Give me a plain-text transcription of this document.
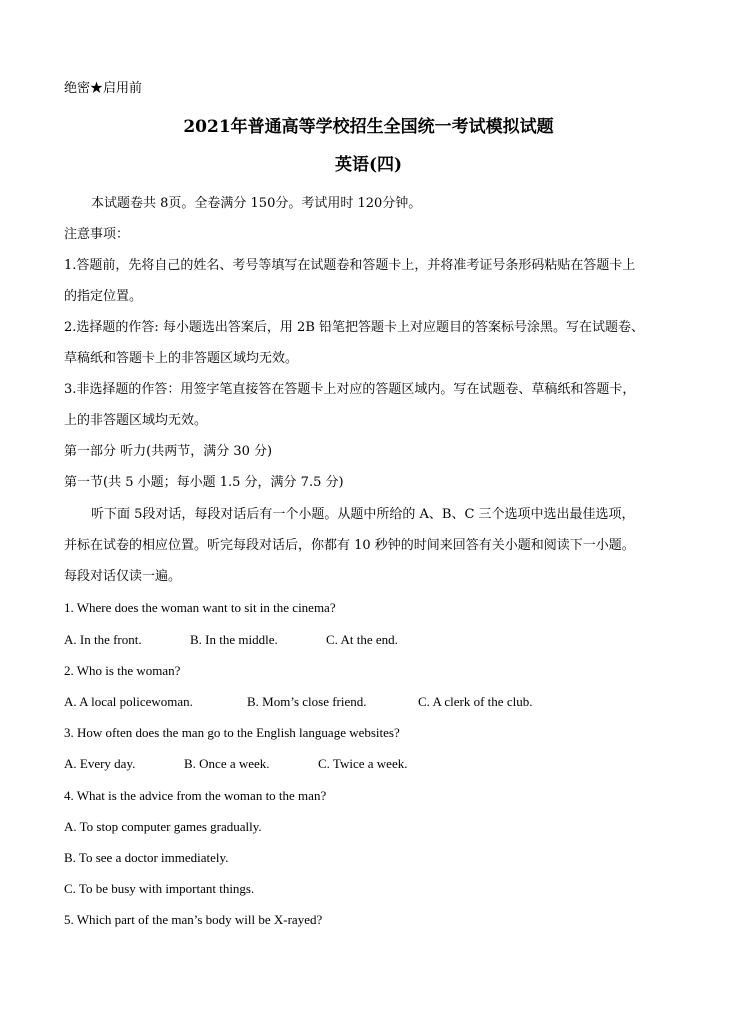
绝密★启用前
2021年普通高等学校招生全国统一考试模拟试题
英语(四)
本试题卷共 8页。全卷满分 150分。考试用时 120分钟。
注意事项：
1.答题前，先将自己的姓名、考号等填写在试题卷和答题卡上，并将准考证号条形码粘贴在答题卡上
的指定位置。
2.选择题的作答: 每小题选出答案后，用 2B 铅笔把答题卡上对应题目的答案标号涂黑。写在试题卷、
草稿纸和答题卡上的非答题区域均无效。
3.非选择题的作答：用签字笔直接答在答题卡上对应的答题区域内。写在试题卷、草稿纸和答题卡，
上的非答题区域均无效。
第一部分 听力(共两节，满分 30 分)
第一节(共 5 小题；每小题 1.5 分，满分 7.5 分)
听下面 5段对话，每段对话后有一个小题。从题中所给的 A、B、C 三个选项中选出最佳选项，
并标在试卷的相应位置。听完每段对话后，你都有 10 秒钟的时间来回答有关小题和阅读下一小题。
每段对话仅读一遍。
1. Where does the woman want to sit in the cinema?
A. In the front.	B. In the middle.	C. At the end.
2. Who is the woman?
A. A local policewoman.	B. Mom’s close friend.	C. A clerk of the club.
3. How often does the man go to the English language websites?
A. Every day.	B. Once a week.	C. Twice a week.
4. What is the advice from the woman to the man?
A. To stop computer games gradually.
B. To see a doctor immediately.
C. To be busy with important things.
5. Which part of the man’s body will be X-rayed?
